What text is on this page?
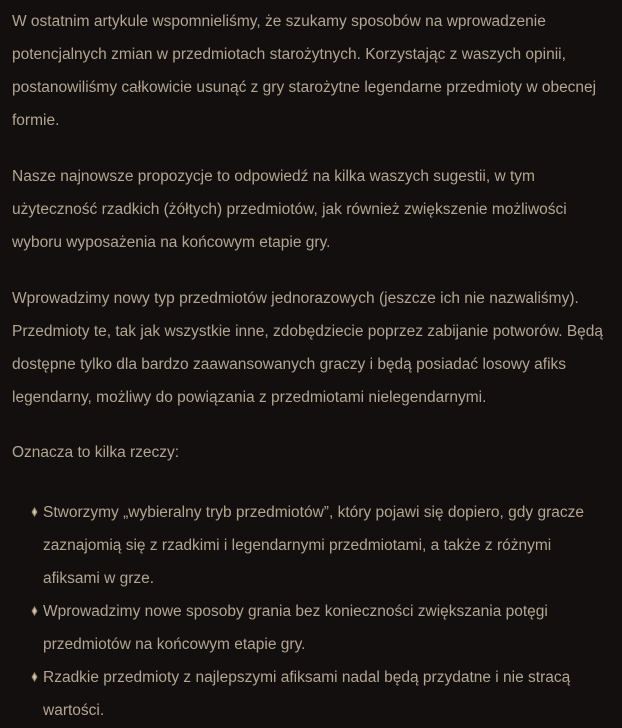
W ostatnim artykule wspomnieliśmy, że szukamy sposobów na wprowadzenie potencjalnych zmian w przedmiotach starożytnych. Korzystając z waszych opinii, postanowiliśmy całkowicie usunąć z gry starożytne legendarne przedmioty w obecnej formie.

Nasze najnowsze propozycje to odpowiedź na kilka waszych sugestii, w tym użyteczność rzadkich (żółtych) przedmiotów, jak również zwiększenie możliwości wyboru wyposażenia na końcowym etapie gry.

Wprowadzimy nowy typ przedmiotów jednorazowych (jeszcze ich nie nazwaliśmy). Przedmioty te, tak jak wszystkie inne, zdobędziecie poprzez zabijanie potworów. Będą dostępne tylko dla bardzo zaawansowanych graczy i będą posiadać losowy afiks legendarny, możliwy do powiązania z przedmiotami nielegendarnymi.

Oznacza to kilka rzeczy:

Stworzymy „wybieralny tryb przedmiotów”, który pojawi się dopiero, gdy gracze zaznajomią się z rzadkimi i legendarnymi przedmiotami, a także z różnymi afiksami w grze.
Wprowadzimy nowe sposoby grania bez konieczności zwiększania potęgi przedmiotów na końcowym etapie gry.
Rzadkie przedmioty z najlepszymi afiksami nadal będą przydatne i nie stracą wartości.
